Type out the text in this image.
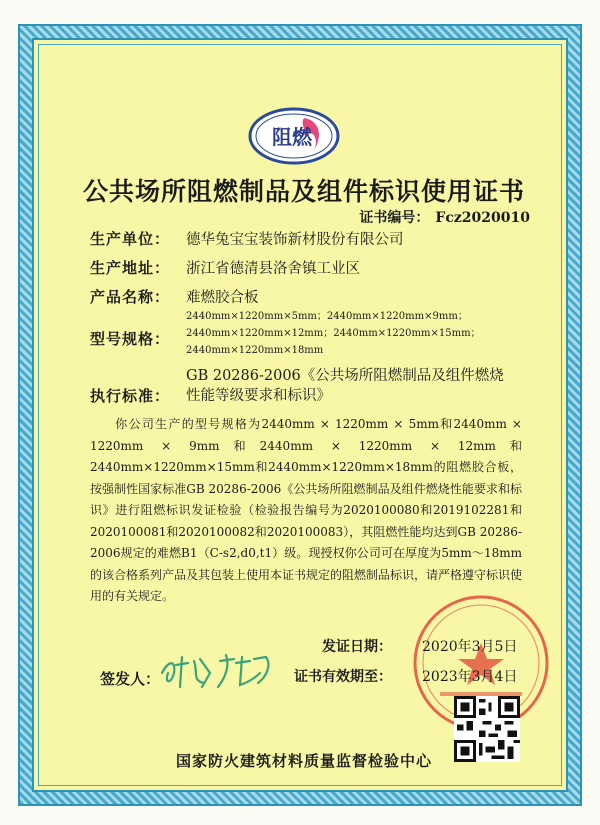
阻燃
公共场所阻燃制品及组件标识使用证书
证书编号： Fcz2020010
生产单位： 德华兔宝宝装饰新材股份有限公司
生产地址： 浙江省德清县洛舍镇工业区
产品名称： 难燃胶合板
型号规格：
2440mm×1220mm×5mm；2440mm×1220mm×9mm；
2440mm×1220mm×12mm；2440mm×1220mm×15mm；
2440mm×1220mm×18mm
执行标准：
GB 20286-2006《公共场所阻燃制品及组件燃烧性能等级要求和标识》
你公司生产的型号规格为2440mm × 1220mm × 5mm和2440mm × 1220mm × 9mm和2440mm × 1220mm × 12mm和2440mm×1220mm×15mm和2440mm×1220mm×18mm的阻燃胶合板，按强制性国家标准GB 20286-2006《公共场所阻燃制品及组件燃烧性能要求和标识》进行阻燃标识发证检验（检验报告编号为2020100080和2019102281和2020100081和2020100082和2020100083），其阻燃性能均达到GB 20286-2006规定的难燃B1（C-s2,d0,t1）级。现授权你公司可在厚度为5mm～18mm的该合格系列产品及其包装上使用本证书规定的阻燃制品标识，请严格遵守标识使用的有关规定。
发证日期： 2020年3月5日
证书有效期至： 2023年3月4日
签发人：
国家防火建筑材料质量监督检验中心
